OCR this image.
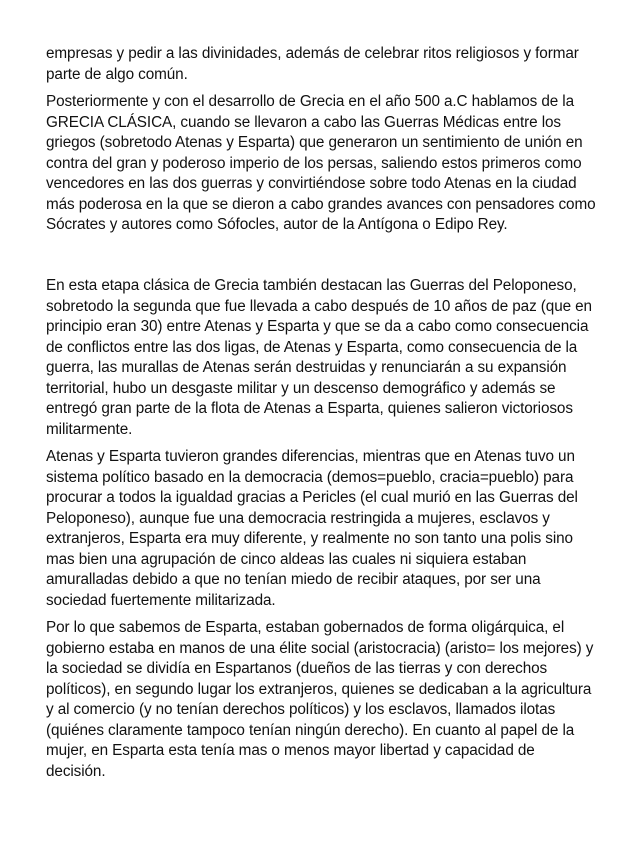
empresas y pedir a las divinidades, además de celebrar ritos religiosos y formar
parte de algo común.
Posteriormente y con el desarrollo de Grecia en el año 500 a.C hablamos de la
GRECIA CLÁSICA, cuando se llevaron a cabo las Guerras Médicas entre los
griegos (sobretodo Atenas y Esparta) que generaron un sentimiento de unión en
contra del gran y poderoso imperio de los persas, saliendo estos primeros como
vencedores en las dos guerras y convirtiéndose sobre todo Atenas en la ciudad
más poderosa en la que se dieron a cabo grandes avances con pensadores como
Sócrates y autores como Sófocles, autor de la Antígona o Edipo Rey.
En esta etapa clásica de Grecia también destacan las Guerras del Peloponeso,
sobretodo la segunda que fue llevada a cabo después de 10 años de paz (que en
principio eran 30) entre Atenas y Esparta y que se da a cabo como consecuencia
de conflictos entre las dos ligas, de Atenas y Esparta, como consecuencia de la
guerra, las murallas de Atenas serán destruidas y renunciarán a su expansión
territorial, hubo un desgaste militar y un descenso demográfico y además se
entregó gran parte de la flota de Atenas a Esparta, quienes salieron victoriosos
militarmente.
Atenas y Esparta tuvieron grandes diferencias, mientras que en Atenas tuvo un
sistema político basado en la democracia (demos=pueblo, cracia=pueblo) para
procurar a todos la igualdad gracias a Pericles (el cual murió en las Guerras del
Peloponeso), aunque fue una democracia restringida a mujeres, esclavos y
extranjeros, Esparta era muy diferente, y realmente no son tanto una polis sino
mas bien una agrupación de cinco aldeas las cuales ni siquiera estaban
amuralladas debido a que no tenían miedo de recibir ataques, por ser una
sociedad fuertemente militarizada.
Por lo que sabemos de Esparta, estaban gobernados de forma oligárquica, el
gobierno estaba en manos de una élite social (aristocracia) (aristo= los mejores) y
la sociedad se dividía en Espartanos (dueños de las tierras y con derechos
políticos), en segundo lugar los extranjeros, quienes se dedicaban a la agricultura
y al comercio (y no tenían derechos políticos) y los esclavos, llamados ilotas
(quiénes claramente tampoco tenían ningún derecho). En cuanto al papel de la
mujer, en Esparta esta tenía mas o menos mayor libertad y capacidad de
decisión.
